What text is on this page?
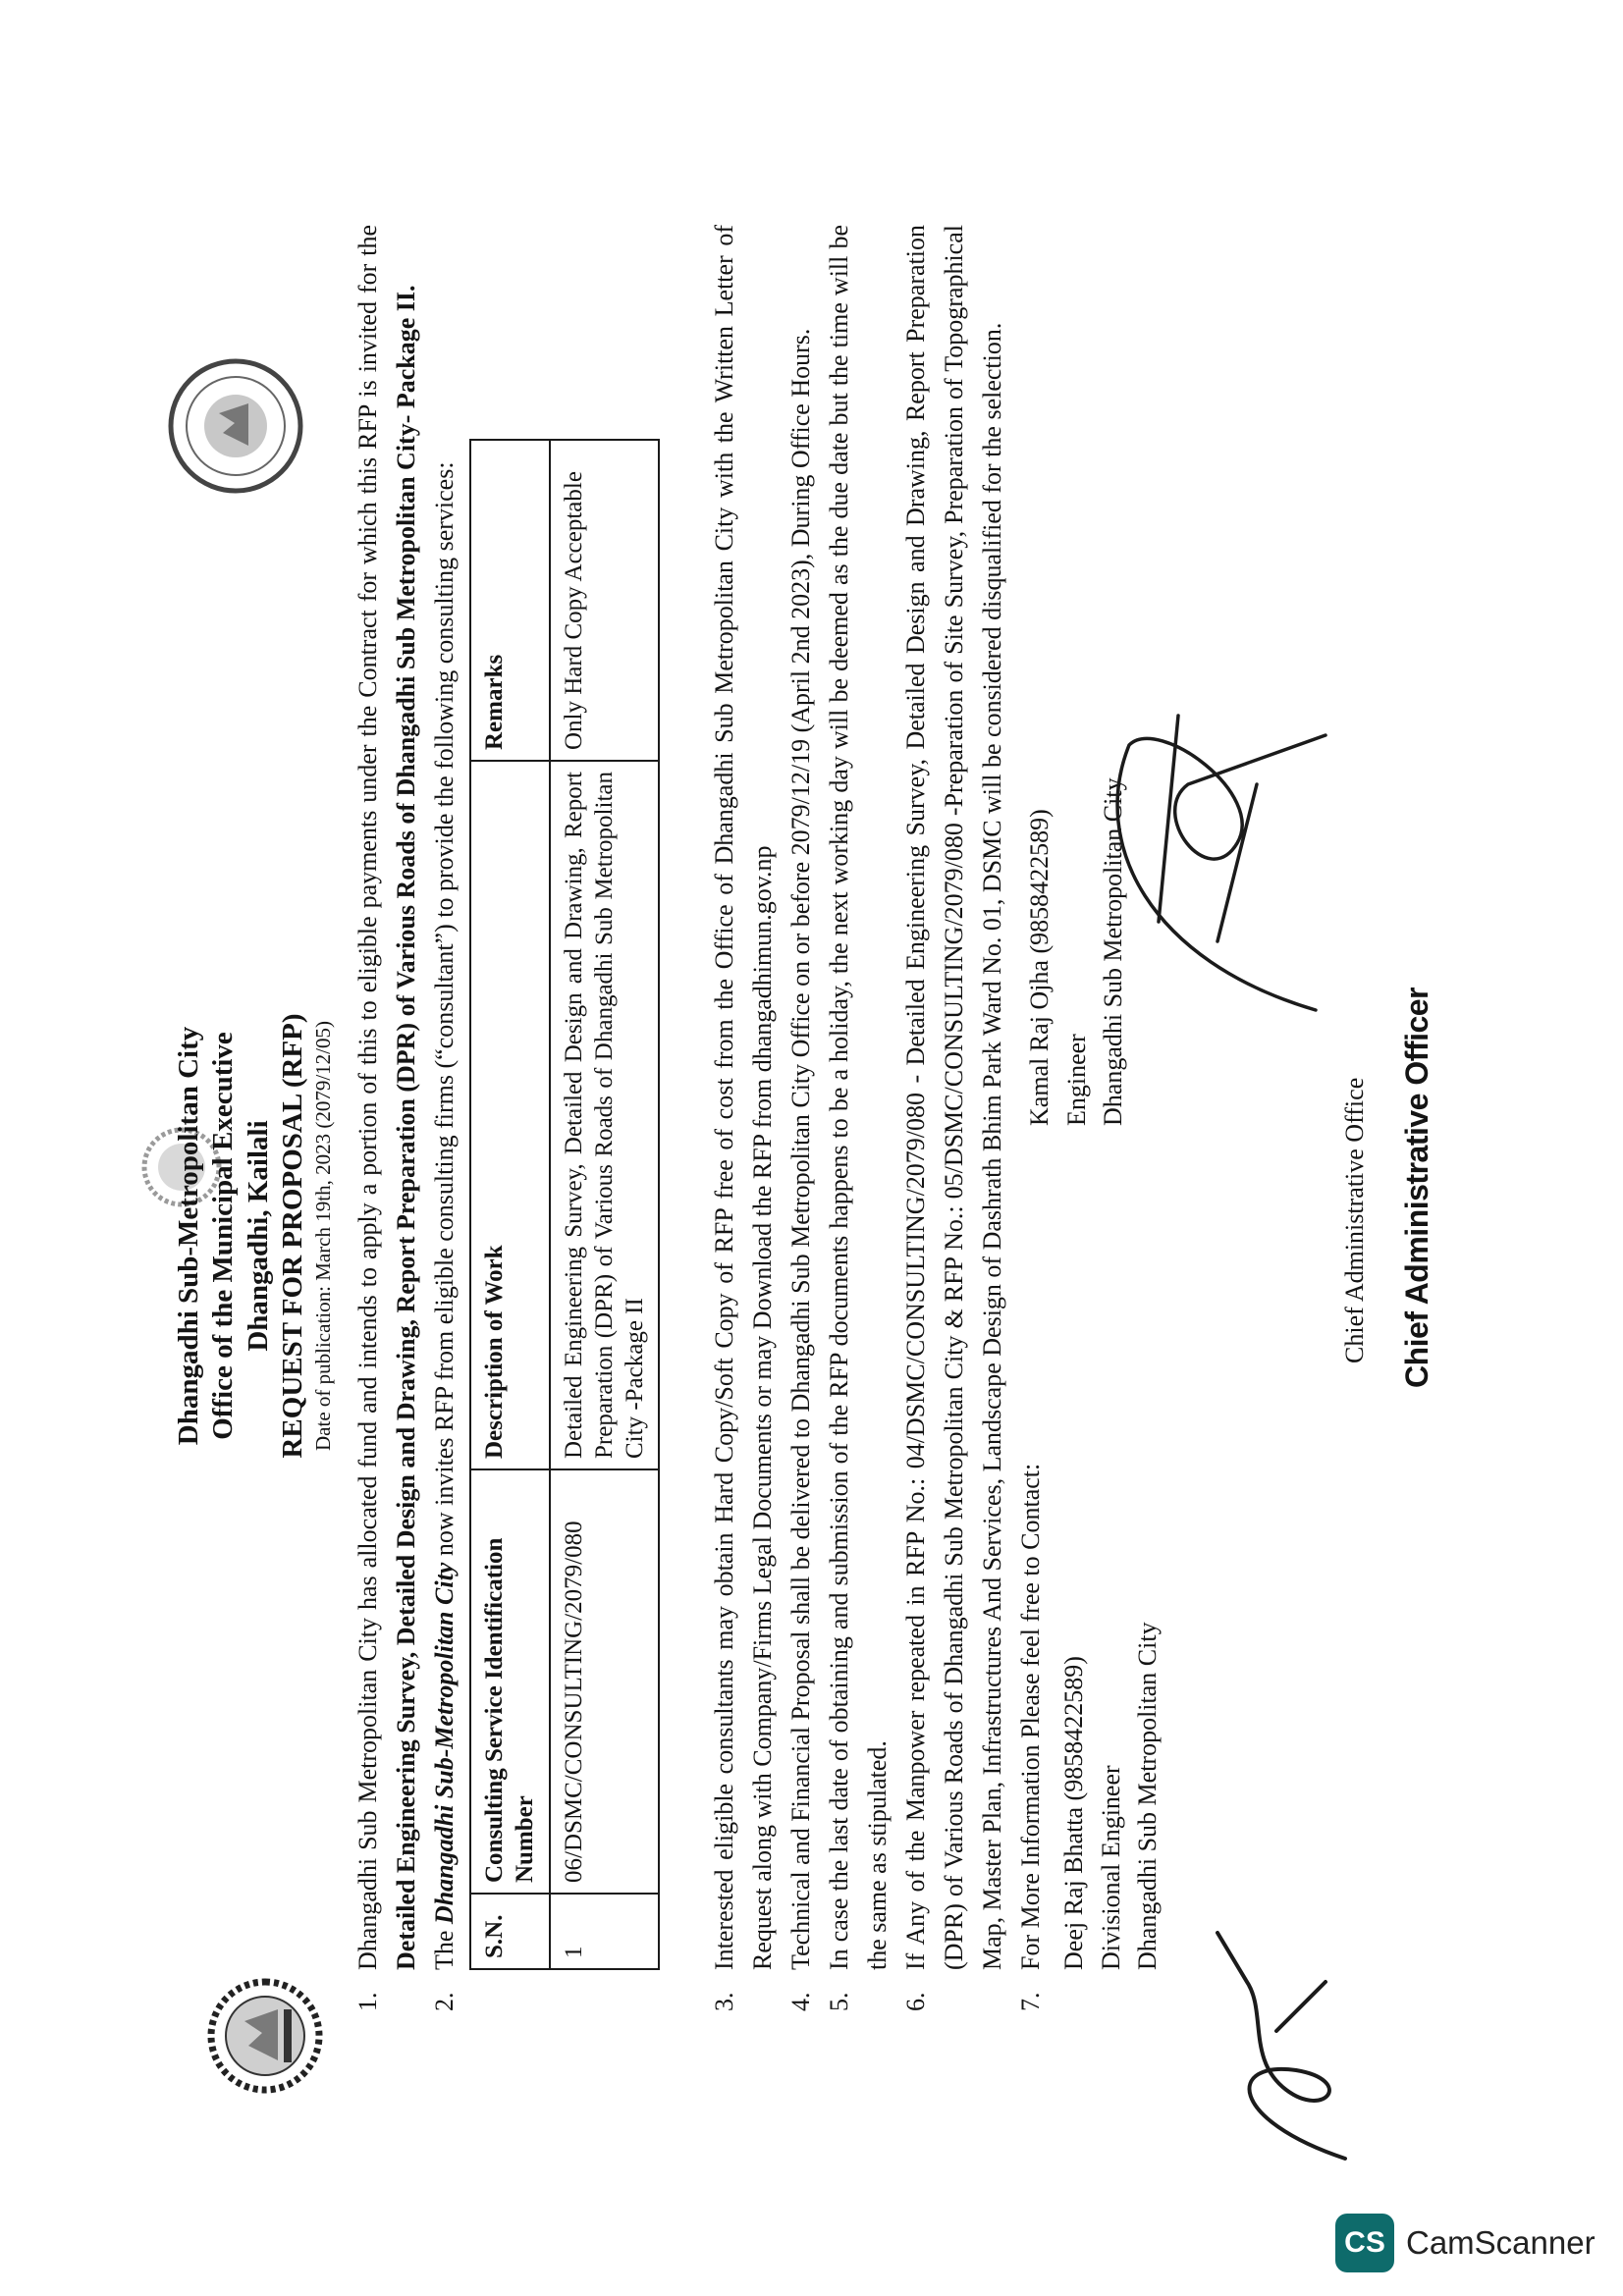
Dhangadhi Sub-Metropolitan City Office of the Municipal Executive Dhangadhi, Kailali REQUEST FOR PROPOSAL (RFP) Date of publication: March 19th, 2023 (2079/12/05)
1.
Dhangadhi Sub Metropolitan City has allocated fund and intends to apply a portion of this to eligible payments under the Contract for which this RFP is invited for the Detailed Engineering Survey, Detailed Design and Drawing, Report Preparation (DPR) of Various Roads of Dhangadhi Sub Metropolitan City- Package II.
2.
The Dhangadhi Sub-Metropolitan City now invites RFP from eligible consulting firms (“consultant”) to provide the following consulting services:
S.N.	Consulting Service Identification Number	Description of Work	Remarks
1	06/DSMC/CONSULTING/2079/080	Detailed Engineering Survey, Detailed Design and Drawing, Report Preparation (DPR) of Various Roads of Dhangadhi Sub Metropolitan City -Package II	Only Hard Copy Acceptable
3.
Interested eligible consultants may obtain Hard Copy/Soft Copy of RFP free of cost from the Office of Dhangadhi Sub Metropolitan City with the Written Letter of Request along with Company/Firms Legal Documents or may Download the RFP from dhangadhimun.gov.np
4.
Technical and Financial Proposal shall be delivered to Dhangadhi Sub Metropolitan City Office on or before 2079/12/19 (April 2nd 2023), During Office Hours.
5.
In case the last date of obtaining and submission of the RFP documents happens to be a holiday, the next working day will be deemed as the due date but the time will be the same as stipulated.
6.
If Any of the Manpower repeated in RFP No.: 04/DSMC/CONSULTING/2079/080 - Detailed Engineering Survey, Detailed Design and Drawing, Report Preparation (DPR) of Various Roads of Dhangadhi Sub Metropolitan City & RFP No.: 05/DSMC/CONSULTING/2079/080 -Preparation of Site Survey, Preparation of Topographical Map, Master Plan, Infrastructures And Services, Landscape Design of Dashrath Bhim Park Ward No. 01, DSMC will be considered disqualified for the selection.
7.
For More Information Please feel free to Contact: Deej Raj Bhatta (9858422589) Divisional Engineer Dhangadhi Sub Metropolitan City
Kamal Raj Ojha (9858422589) Engineer Dhangadhi Sub Metropolitan City
Chief Administrative Office Chief Administrative Officer
CS CamScanner
